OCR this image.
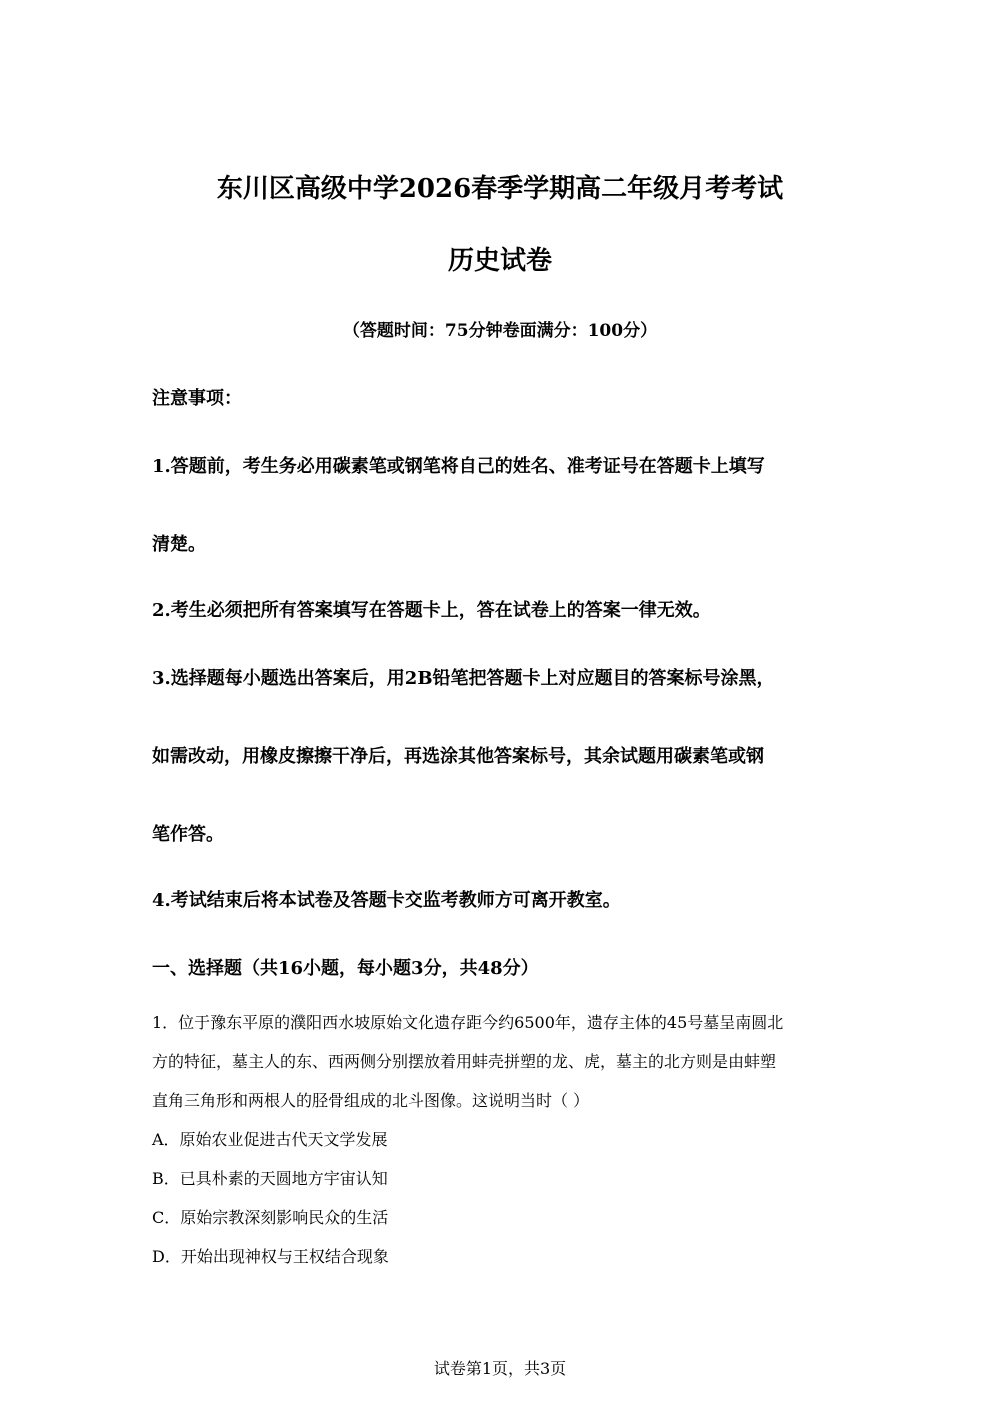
东川区高级中学2026春季学期高二年级月考考试
历史试卷
（答题时间：75分钟卷面满分：100分）
注意事项：
1.答题前，考生务必用碳素笔或钢笔将自己的姓名、准考证号在答题卡上填写
清楚。
2.考生必须把所有答案填写在答题卡上，答在试卷上的答案一律无效。
3.选择题每小题选出答案后，用2B铅笔把答题卡上对应题目的答案标号涂黑，
如需改动，用橡皮擦擦干净后，再选涂其他答案标号，其余试题用碳素笔或钢
笔作答。
4.考试结束后将本试卷及答题卡交监考教师方可离开教室。
一、选择题（共16小题，每小题3分，共48分）
1．位于豫东平原的濮阳西水坡原始文化遗存距今约6500年，遗存主体的45号墓呈南圆北
方的特征，墓主人的东、西两侧分别摆放着用蚌壳拼塑的龙、虎，墓主的北方则是由蚌塑
直角三角形和两根人的胫骨组成的北斗图像。这说明当时（ ）
A．原始农业促进古代天文学发展
B．已具朴素的天圆地方宇宙认知
C．原始宗教深刻影响民众的生活
D．开始出现神权与王权结合现象
试卷第1页，共3页
